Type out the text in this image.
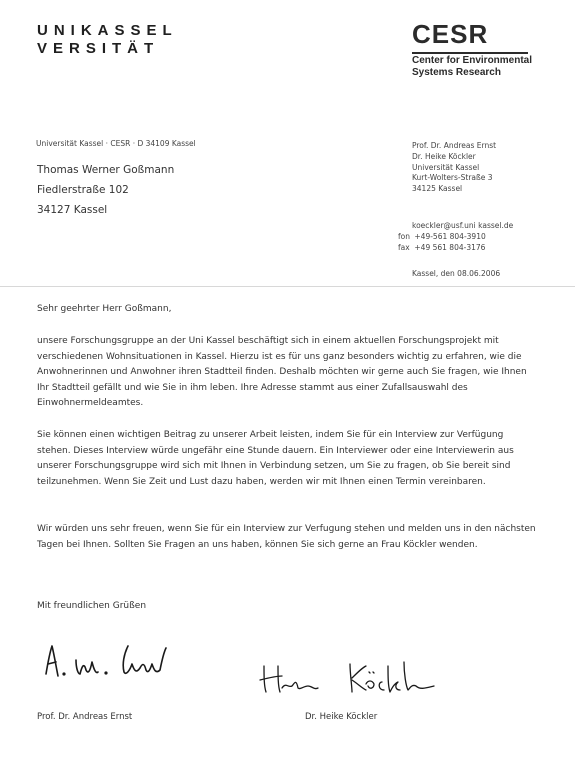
UNIKASSEL
VERSITÄT	CESR
Center for Environmental
Systems Research
Universität Kassel · CESR · D 34109 Kassel
Thomas Werner Goßmann
Fiedlerstraße 102
34127 Kassel
Prof. Dr. Andreas Ernst
Dr. Heike Köckler
Universität Kassel
Kurt-Wolters-Straße 3
34125 Kassel
koeckler@usf.uni kassel.de
fon +49-561 804-3910
fax +49 561 804-3176
Kassel, den 08.06.2006
Sehr geehrter Herr Goßmann,
unsere Forschungsgruppe an der Uni Kassel beschäftigt sich in einem aktuellen Forschungsprojekt mit verschiedenen Wohnsituationen in Kassel. Hierzu ist es für uns ganz besonders wichtig zu erfahren, wie die Anwohnerinnen und Anwohner ihren Stadtteil finden. Deshalb möchten wir gerne auch Sie fragen, wie Ihnen Ihr Stadtteil gefällt und wie Sie in ihm leben. Ihre Adresse stammt aus einer Zufallsauswahl des Einwohnermeldeamtes.
Sie können einen wichtigen Beitrag zu unserer Arbeit leisten, indem Sie für ein Interview zur Verfügung stehen. Dieses Interview würde ungefähr eine Stunde dauern. Ein Interviewer oder eine Interviewerin aus unserer Forschungsgruppe wird sich mit Ihnen in Verbindung setzen, um Sie zu fragen, ob Sie bereit sind teilzunehmen. Wenn Sie Zeit und Lust dazu haben, werden wir mit Ihnen einen Termin vereinbaren.
Wir würden uns sehr freuen, wenn Sie für ein Interview zur Verfugung stehen und melden uns in den nächsten Tagen bei Ihnen. Sollten Sie Fragen an uns haben, können Sie sich gerne an Frau Köckler wenden.
Mit freundlichen Grüßen
Prof. Dr. Andreas Ernst	Dr. Heike Köckler
